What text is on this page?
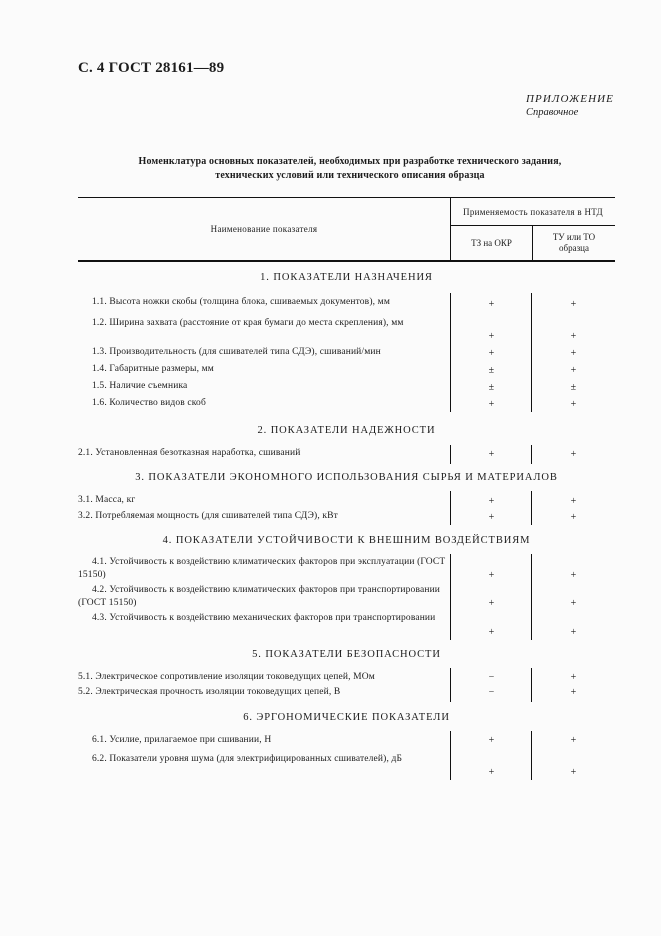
С. 4 ГОСТ 28161—89
ПРИЛОЖЕНИЕ
Справочное
Номенклатура основных показателей, необходимых при разработке технического задания,
технических условий или технического описания образца
Наименование показателя
Применяемость показателя в НТД
ТЗ на ОКР
ТУ или ТО
образца
1. ПОКАЗАТЕЛИ НАЗНАЧЕНИЯ
1.1. Высота ножки скобы (толщина блока, сшиваемых документов), мм	+	+
1.2. Ширина захвата (расстояние от края бумаги до места скрепления), мм
+	+
1.3. Производительность (для сшивателей типа СДЭ), сшиваний/мин	+	+
1.4. Габаритные размеры, мм	±	+
1.5. Наличие съемника	±	±
1.6. Количество видов скоб	+	+
2. ПОКАЗАТЕЛИ НАДЕЖНОСТИ
2.1. Установленная безотказная наработка, сшиваний	+	+
3. ПОКАЗАТЕЛИ ЭКОНОМНОГО ИСПОЛЬЗОВАНИЯ СЫРЬЯ И МАТЕРИАЛОВ
3.1. Масса, кг	+	+
3.2. Потребляемая мощность (для сшивателей типа СДЭ), кВт	+	+
4. ПОКАЗАТЕЛИ УСТОЙЧИВОСТИ К ВНЕШНИМ ВОЗДЕЙСТВИЯМ
4.1. Устойчивость к воздействию климатических факторов при эксплуатации (ГОСТ 15150)	+	+
4.2. Устойчивость к воздействию климатических факторов при транспортировании (ГОСТ 15150)	+	+
4.3. Устойчивость к воздействию механических факторов при транспортировании
+	+
5. ПОКАЗАТЕЛИ БЕЗОПАСНОСТИ
5.1. Электрическое сопротивление изоляции токоведущих цепей, МОм	−	+
5.2. Электрическая прочность изоляции токоведущих цепей, В	−	+
6. ЭРГОНОМИЧЕСКИЕ ПОКАЗАТЕЛИ
6.1. Усилие, прилагаемое при сшивании, Н	+	+
6.2. Показатели уровня шума (для электрифицированных сшивателей), дБ
+	+
